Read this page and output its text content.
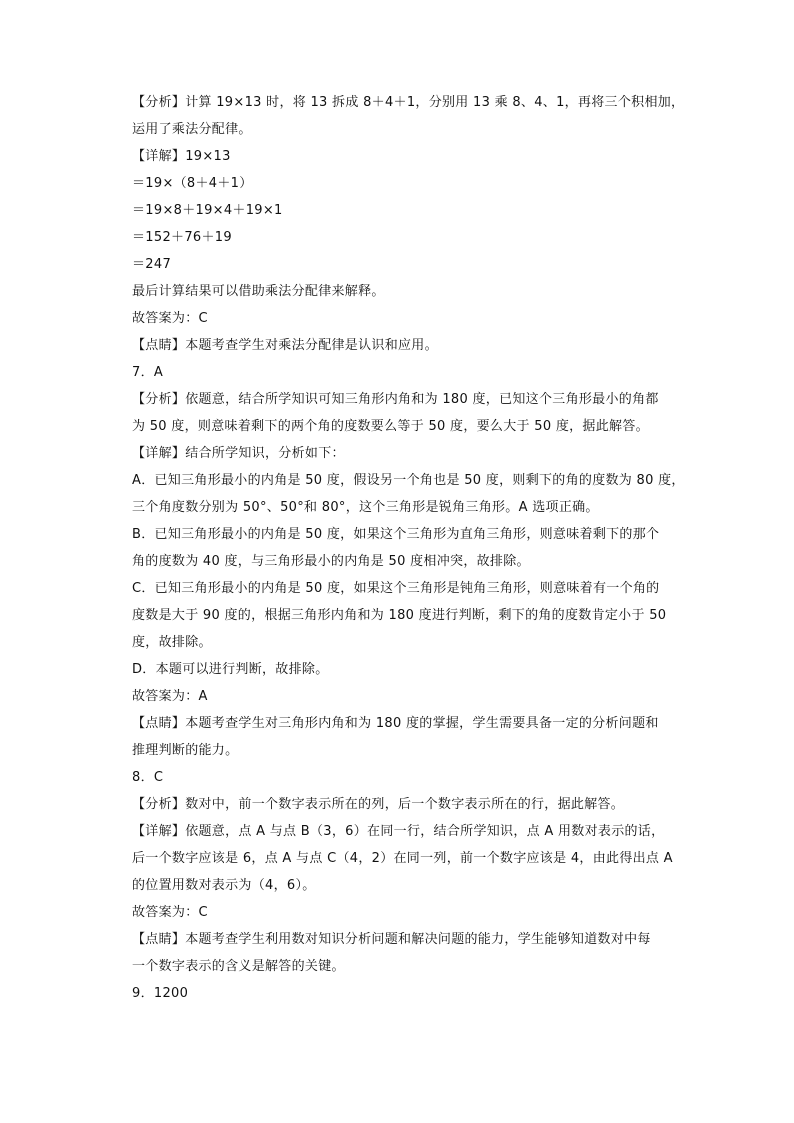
【分析】计算 19×13 时，将 13 拆成 8＋4＋1，分别用 13 乘 8、4、1，再将三个积相加，
运用了乘法分配律。
【详解】19×13
＝19×（8＋4＋1）
＝19×8＋19×4＋19×1
＝152＋76＋19
＝247
最后计算结果可以借助乘法分配律来解释。
故答案为：C
【点睛】本题考查学生对乘法分配律是认识和应用。
7．A
【分析】依题意，结合所学知识可知三角形内角和为 180 度，已知这个三角形最小的角都
为 50 度，则意味着剩下的两个角的度数要么等于 50 度，要么大于 50 度，据此解答。
【详解】结合所学知识，分析如下：
A．已知三角形最小的内角是 50 度，假设另一个角也是 50 度，则剩下的角的度数为 80 度，
三个角度数分别为 50°、50°和 80°，这个三角形是锐角三角形。A 选项正确。
B．已知三角形最小的内角是 50 度，如果这个三角形为直角三角形，则意味着剩下的那个
角的度数为 40 度，与三角形最小的内角是 50 度相冲突，故排除。
C．已知三角形最小的内角是 50 度，如果这个三角形是钝角三角形，则意味着有一个角的
度数是大于 90 度的，根据三角形内角和为 180 度进行判断，剩下的角的度数肯定小于 50
度，故排除。
D．本题可以进行判断，故排除。
故答案为：A
【点睛】本题考查学生对三角形内角和为 180 度的掌握，学生需要具备一定的分析问题和
推理判断的能力。
8．C
【分析】数对中，前一个数字表示所在的列，后一个数字表示所在的行，据此解答。
【详解】依题意，点 A 与点 B（3，6）在同一行，结合所学知识，点 A 用数对表示的话，
后一个数字应该是 6，点 A 与点 C（4，2）在同一列，前一个数字应该是 4，由此得出点 A
的位置用数对表示为（4，6）。
故答案为：C
【点睛】本题考查学生利用数对知识分析问题和解决问题的能力，学生能够知道数对中每
一个数字表示的含义是解答的关键。
9．1200
